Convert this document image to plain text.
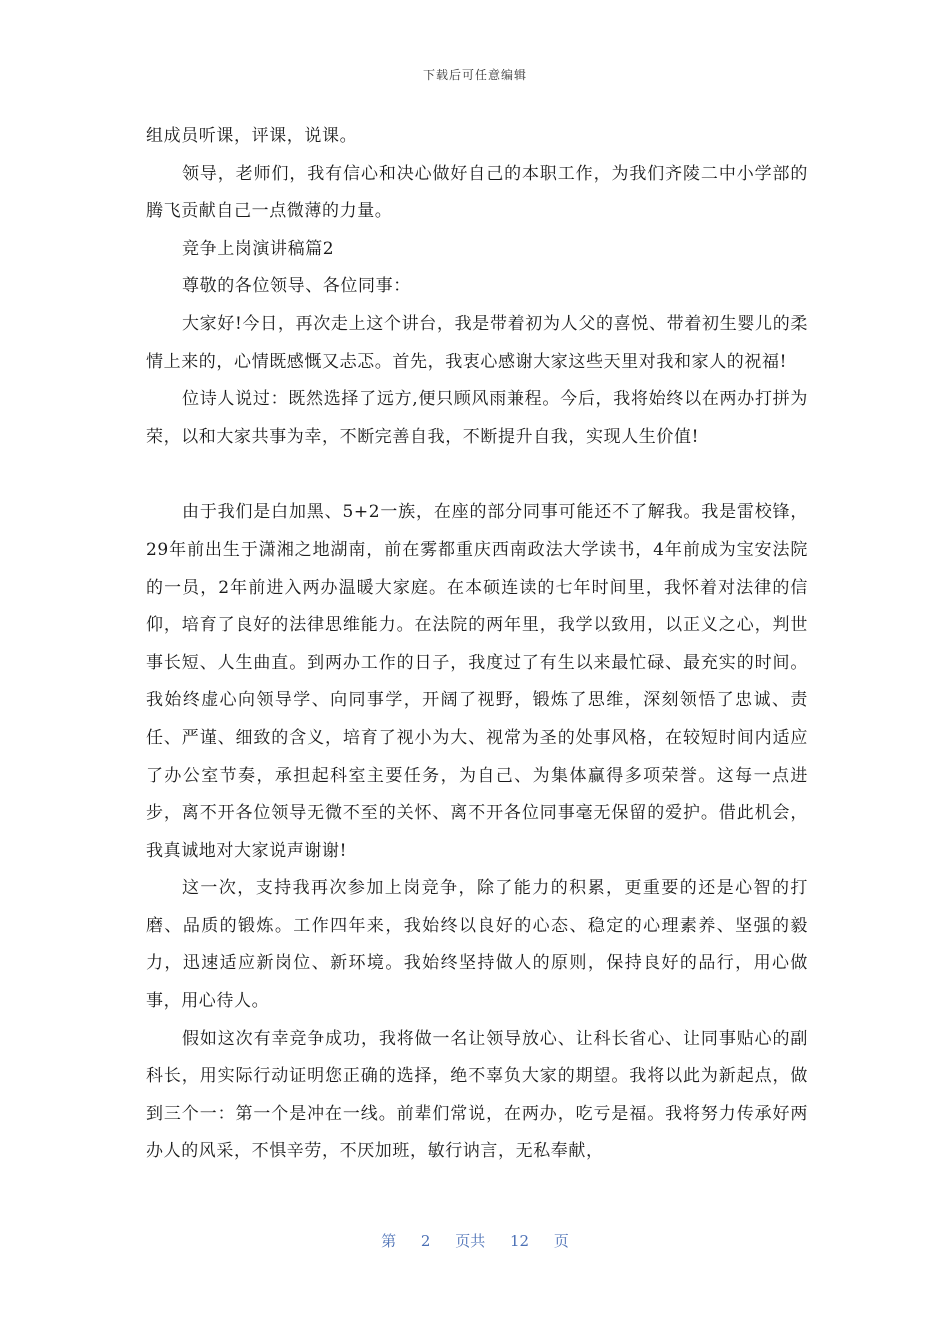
下载后可任意编辑

组成员听课，评课，说课。

领导，老师们，我有信心和决心做好自己的本职工作，为我们齐陵二中小学部的腾飞贡献自己一点微薄的力量。

竞争上岗演讲稿篇2

尊敬的各位领导、各位同事：

大家好!今日，再次走上这个讲台，我是带着初为人父的喜悦、带着初生婴儿的柔情上来的，心情既感慨又忐忑。首先，我衷心感谢大家这些天里对我和家人的祝福!

位诗人说过：既然选择了远方,便只顾风雨兼程。今后，我将始终以在两办打拼为荣，以和大家共事为幸，不断完善自我，不断提升自我，实现人生价值!

由于我们是白加黑、5+2一族，在座的部分同事可能还不了解我。我是雷校锋，29年前出生于潇湘之地湖南，前在雾都重庆西南政法大学读书，4年前成为宝安法院的一员，2年前进入两办温暖大家庭。在本硕连读的七年时间里，我怀着对法律的信仰，培育了良好的法律思维能力。在法院的两年里，我学以致用，以正义之心，判世事长短、人生曲直。到两办工作的日子，我度过了有生以来最忙碌、最充实的时间。我始终虚心向领导学、向同事学，开阔了视野，锻炼了思维，深刻领悟了忠诚、责任、严谨、细致的含义，培育了视小为大、视常为圣的处事风格，在较短时间内适应了办公室节奏，承担起科室主要任务，为自己、为集体赢得多项荣誉。这每一点进步，离不开各位领导无微不至的关怀、离不开各位同事毫无保留的爱护。借此机会，我真诚地对大家说声谢谢!

这一次，支持我再次参加上岗竞争，除了能力的积累，更重要的还是心智的打磨、品质的锻炼。工作四年来，我始终以良好的心态、稳定的心理素养、坚强的毅力，迅速适应新岗位、新环境。我始终坚持做人的原则，保持良好的品行，用心做事，用心待人。

假如这次有幸竞争成功，我将做一名让领导放心、让科长省心、让同事贴心的副科长，用实际行动证明您正确的选择，绝不辜负大家的期望。我将以此为新起点，做到三个一：第一个是冲在一线。前辈们常说，在两办，吃亏是福。我将努力传承好两办人的风采，不惧辛劳，不厌加班，敏行讷言，无私奉献，

第 2 页共 12 页
